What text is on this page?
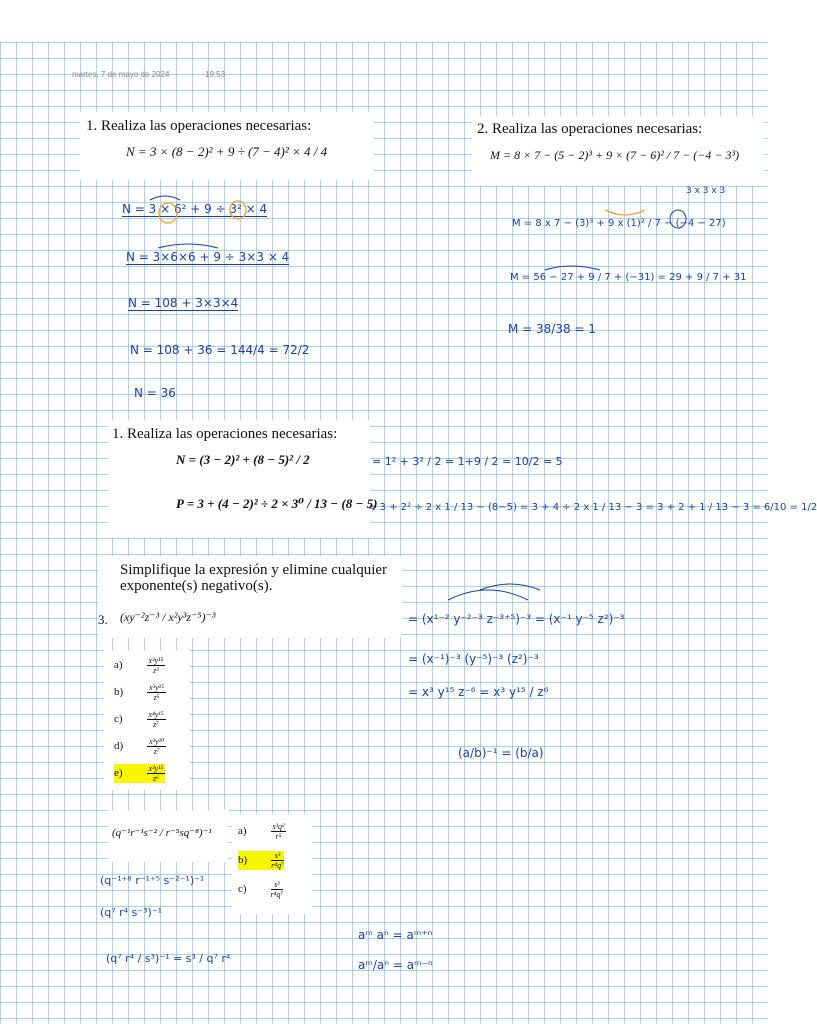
martes, 7 de mayo de 2024	19:53
1. Realiza las operaciones necesarias:
N = 3 × (8 − 2)² + 9 ÷ (7 − 4)² × 4 / 4
N = 3 × 6² + 9 ÷ 3² × 4
N = 3×6×6 + 9 ÷ 3×3 × 4
N = 108 + 3×3×4
N = 108 + 36 = 144/4 = 72/2
N = 36
2. Realiza las operaciones necesarias:
M = 8 × 7 − (5 − 2)³ + 9 × (7 − 6)² / 7 − (−4 − 3³)
3 x 3 x 3
M = 8 x 7 − (3)³ + 9 x (1)² / 7 − (−4 − 27)
M = 56 − 27 + 9 / 7 + (−31) = 29 + 9 / 7 + 31
M = 38/38 = 1
1. Realiza las operaciones necesarias:
N = (3 − 2)² + (8 − 5)² / 2
P = 3 + (4 − 2)² ÷ 2 × 3⁰ / 13 − (8 − 5)
= 1² + 3² / 2 = 1+9 / 2 = 10/2 = 5
= 3 + 2² ÷ 2 x 1 / 13 − (8−5) = 3 + 4 ÷ 2 x 1 / 13 − 3 = 3 + 2 + 1 / 13 − 3 = 6/10 = 1/2
Simplifique la expresión y elimine cualquier
exponente(s) negativo(s).
3. (xy⁻²z⁻³ / x²y³z⁻⁵)⁻³
a)	$\frac{\text{x³y¹⁵}}{\text{z³}}$
b)	$\frac{\text{x³y¹⁵}}{\text{z⁵}}$
c)	$\frac{\text{x⁴y¹⁵}}{\text{z⁷}}$
d)	$\frac{\text{x³y¹⁰}}{\text{z⁷}}$
e)	$\frac{\text{x³y¹⁵}}{\text{z⁶}}$
= (x¹⁻² y⁻²⁻³ z⁻³⁺⁵)⁻³ = (x⁻¹ y⁻⁵ z²)⁻³
= (x⁻¹)⁻³ (y⁻⁵)⁻³ (z²)⁻³
= x³ y¹⁵ z⁻⁶ = x³ y¹⁵ / z⁶
(a/b)⁻¹ = (b/a)
(q⁻¹r⁻¹s⁻² / r⁻⁵sq⁻⁸)⁻¹ a)	$\frac{\text{s³q²}}{\text{r⁵}}$
b)	$\frac{\text{s³}}{\text{r⁴q⁷}}$
c)	$\frac{\text{s²}}{\text{r⁴q⁷}}$
(q⁻¹⁺⁸ r⁻¹⁺⁵ s⁻²⁻¹)⁻¹
(q⁷ r⁴ s⁻³)⁻¹
(q⁷ r⁴ / s³)⁻¹ = s³ / q⁷ r⁴
aᵐ aⁿ = aᵐ⁺ⁿ
aᵐ/aⁿ = aᵐ⁻ⁿ
